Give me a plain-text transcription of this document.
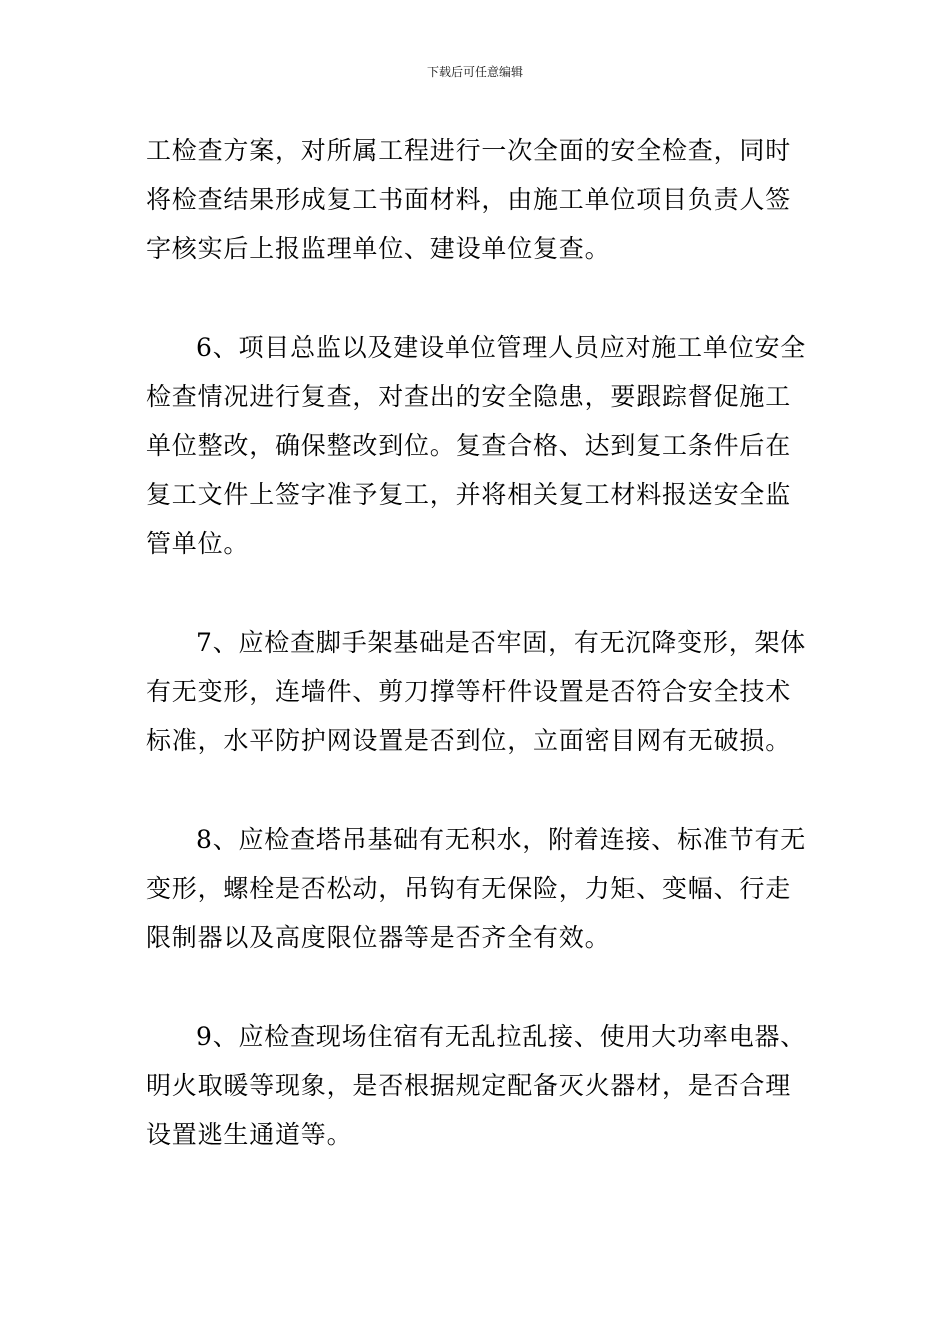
下载后可任意编辑

工检查方案，对所属工程进行一次全面的安全检查，同时
将检查结果形成复工书面材料，由施工单位项目负责人签
字核实后上报监理单位、建设单位复查。

6、项目总监以及建设单位管理人员应对施工单位安全
检查情况进行复查，对查出的安全隐患，要跟踪督促施工
单位整改，确保整改到位。复查合格、达到复工条件后在
复工文件上签字准予复工，并将相关复工材料报送安全监
管单位。

7、应检查脚手架基础是否牢固，有无沉降变形，架体
有无变形，连墙件、剪刀撑等杆件设置是否符合安全技术
标准，水平防护网设置是否到位，立面密目网有无破损。

8、应检查塔吊基础有无积水，附着连接、标准节有无
变形，螺栓是否松动，吊钩有无保险，力矩、变幅、行走
限制器以及高度限位器等是否齐全有效。

9、应检查现场住宿有无乱拉乱接、使用大功率电器、
明火取暖等现象，是否根据规定配备灭火器材，是否合理
设置逃生通道等。
